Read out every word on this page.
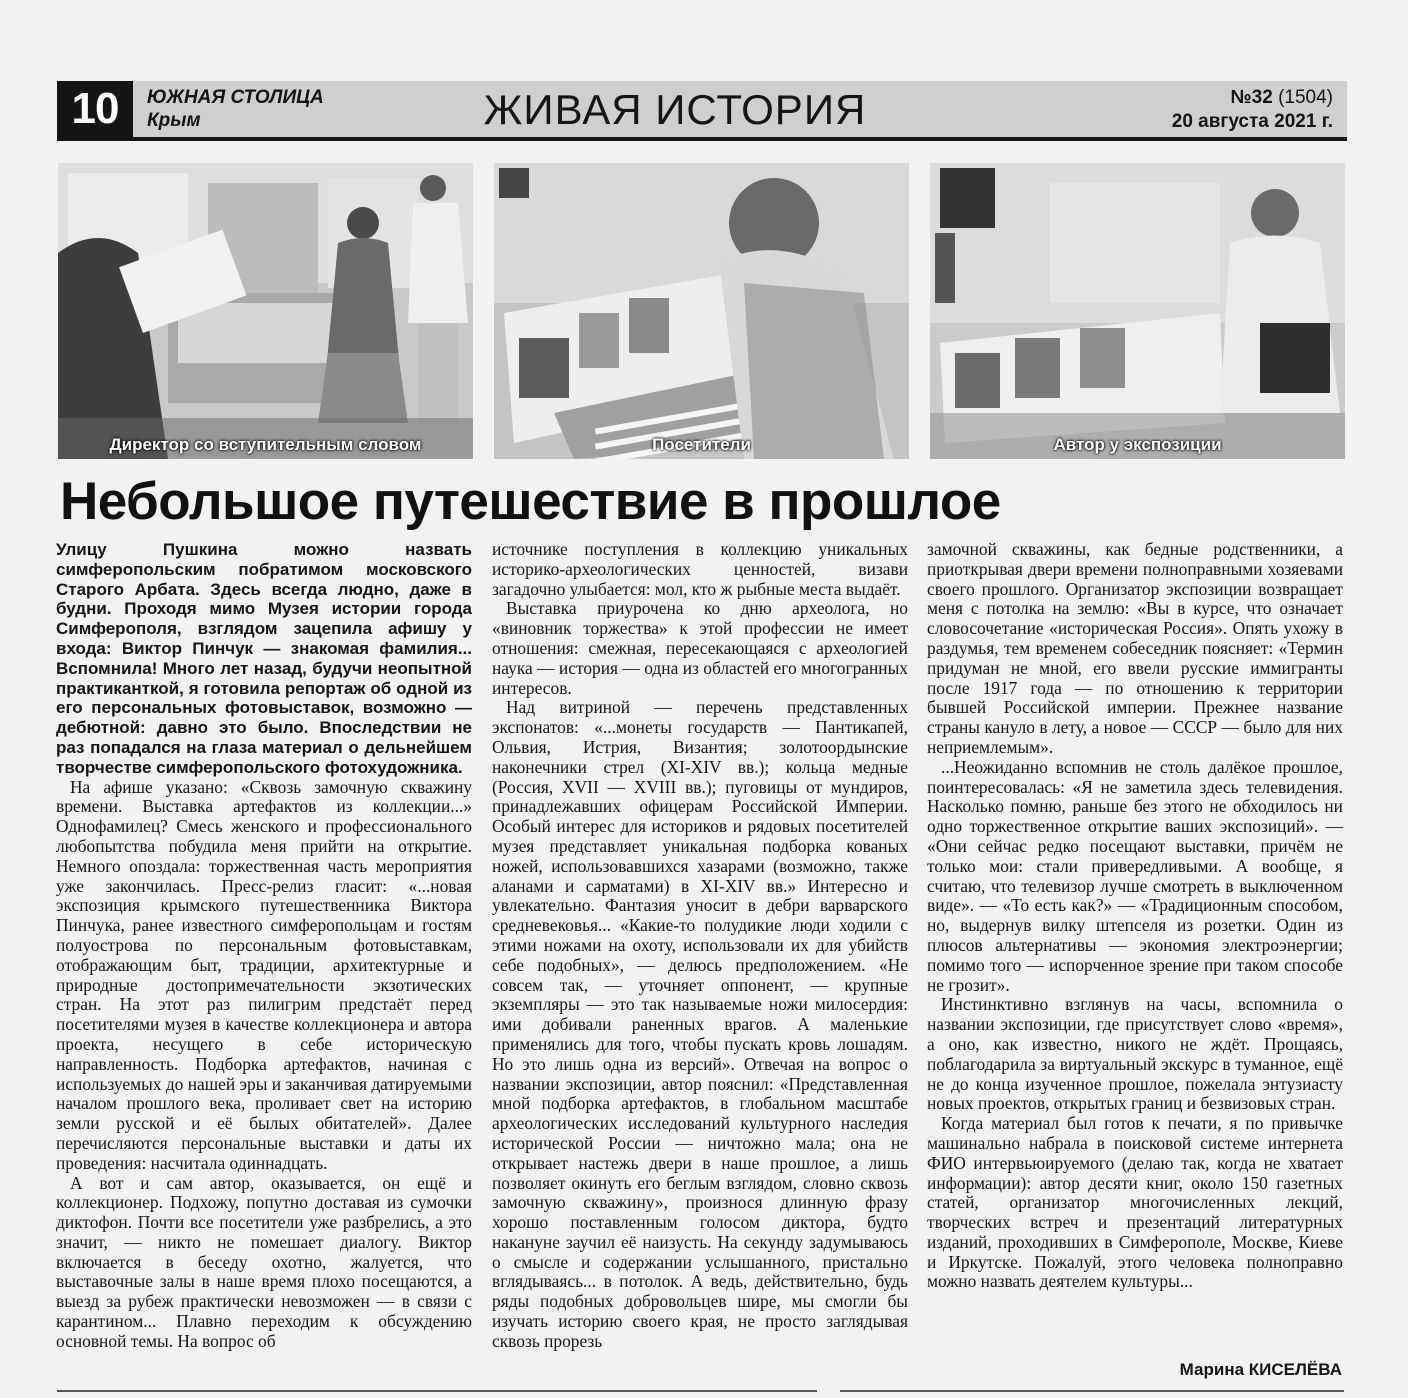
10	ЮЖНАЯ СТОЛИЦА
Крым	ЖИВАЯ ИСТОРИЯ	№32 (1504)
20 августа 2021 г.
Директор со вступительным словом	Посетители	Автор у экспозиции
Небольшое путешествие в прошлое

Улицу Пушкина можно назвать симферопольским побратимом московского Старого Арбата. Здесь всегда людно, даже в будни. Проходя мимо Музея истории города Симферополя, взглядом зацепила афишу у входа: Виктор Пинчук — знакомая фамилия... Вспомнила! Много лет назад, будучи неопытной практиканткой, я готовила репортаж об одной из его персональных фотовыставок, возможно — дебютной: давно это было. Впоследствии не раз попадался на глаза материал о дельнейшем творчестве симферопольского фотохудожника.

На афише указано: «Сквозь замочную скважину времени. Выставка артефактов из коллекции...» Однофамилец? Смесь женского и профессионального любопытства побудила меня прийти на открытие. Немного опоздала: торжественная часть мероприятия уже закончилась. Пресс-релиз гласит: «...новая экспозиция крымского путешественника Виктора Пинчука, ранее известного симферопольцам и гостям полуострова по персональным фотовыставкам, отображающим быт, традиции, архитектурные и природные достопримечательности экзотических стран. На этот раз пилигрим предстаёт перед посетителями музея в качестве коллекционера и автора проекта, несущего в себе историческую направленность. Подборка артефактов, начиная с используемых до нашей эры и заканчивая датируемыми началом прошлого века, проливает свет на историю земли русской и её былых обитателей». Далее перечисляются персональные выставки и даты их проведения: насчитала одиннадцать.

А вот и сам автор, оказывается, он ещё и коллекционер. Подхожу, попутно доставая из сумочки диктофон. Почти все посетители уже разбрелись, а это значит, — никто не помешает диалогу. Виктор включается в беседу охотно, жалуется, что выставочные залы в наше время плохо посещаются, а выезд за рубеж практически невозможен — в связи с карантином... Плавно переходим к обсуждению основной темы. На вопрос об

источнике поступления в коллекцию уникальных историко-археологических ценностей, визави загадочно улыбается: мол, кто ж рыбные места выдаёт.

Выставка приурочена ко дню археолога, но «виновник торжества» к этой профессии не имеет отношения: смежная, пересекающаяся с археологией наука — история — одна из областей его многогранных интересов.

Над витриной — перечень представленных экспонатов: «...монеты государств — Пантикапей, Ольвия, Истрия, Византия; золотоордынские наконечники стрел (XI-XIV вв.); кольца медные (Россия, XVII — XVIII вв.); пуговицы от мундиров, принадлежавших офицерам Российской Империи. Особый интерес для историков и рядовых посетителей музея представляет уникальная подборка кованых ножей, использовавшихся хазарами (возможно, также аланами и сарматами) в XI-XIV вв.» Интересно и увлекательно. Фантазия уносит в дебри варварского средневековья... «Какие-то полудикие люди ходили с этими ножами на охоту, использовали их для убийств себе подобных», — делюсь предположением. «Не совсем так, — уточняет оппонент, — крупные экземпляры — это так называемые ножи милосердия: ими добивали раненных врагов. А маленькие применялись для того, чтобы пускать кровь лошадям. Но это лишь одна из версий». Отвечая на вопрос о названии экспозиции, автор пояснил: «Представленная мной подборка артефактов, в глобальном масштабе археологических исследований культурного наследия исторической России — ничтожно мала; она не открывает настежь двери в наше прошлое, а лишь позволяет окинуть его беглым взглядом, словно сквозь замочную скважину», произнося длинную фразу хорошо поставленным голосом диктора, будто накануне заучил её наизусть. На секунду задумываюсь о смысле и содержании услышанного, пристально вглядываясь... в потолок. А ведь, действительно, будь ряды подобных добровольцев шире, мы смогли бы изучать историю своего края, не просто заглядывая сквозь прорезь

замочной скважины, как бедные родственники, а приоткрывая двери времени полноправными хозяевами своего прошлого. Организатор экспозиции возвращает меня с потолка на землю: «Вы в курсе, что означает словосочетание «историческая Россия». Опять ухожу в раздумья, тем временем собеседник поясняет: «Термин придуман не мной, его ввели русские иммигранты после 1917 года — по отношению к территории бывшей Российской империи. Прежнее название страны кануло в лету, а новое — СССР — было для них неприемлемым».

...Неожиданно вспомнив не столь далёкое прошлое, поинтересовалась: «Я не заметила здесь телевидения. Насколько помню, раньше без этого не обходилось ни одно торжественное открытие ваших экспозиций». — «Они сейчас редко посещают выставки, причём не только мои: стали привередливыми. А вообще, я считаю, что телевизор лучше смотреть в выключенном виде». — «То есть как?» — «Традиционным способом, но, выдернув вилку штепселя из розетки. Один из плюсов альтернативы — экономия электроэнергии; помимо того — испорченное зрение при таком способе не грозит».

Инстинктивно взглянув на часы, вспомнила о названии экспозиции, где присутствует слово «время», а оно, как известно, никого не ждёт. Прощаясь, поблагодарила за виртуальный экскурс в туманное, ещё не до конца изученное прошлое, пожелала энтузиасту новых проектов, открытых границ и безвизовых стран.

Когда материал был готов к печати, я по привычке машинально набрала в поисковой системе интернета ФИО интервьюируемого (делаю так, когда не хватает информации): автор десяти книг, около 150 газетных статей, организатор многочисленных лекций, творческих встреч и презентаций литературных изданий, проходивших в Симферополе, Москве, Киеве и Иркутске. Пожалуй, этого человека полноправно можно назвать деятелем культуры...

Марина КИСЕЛЁВА
